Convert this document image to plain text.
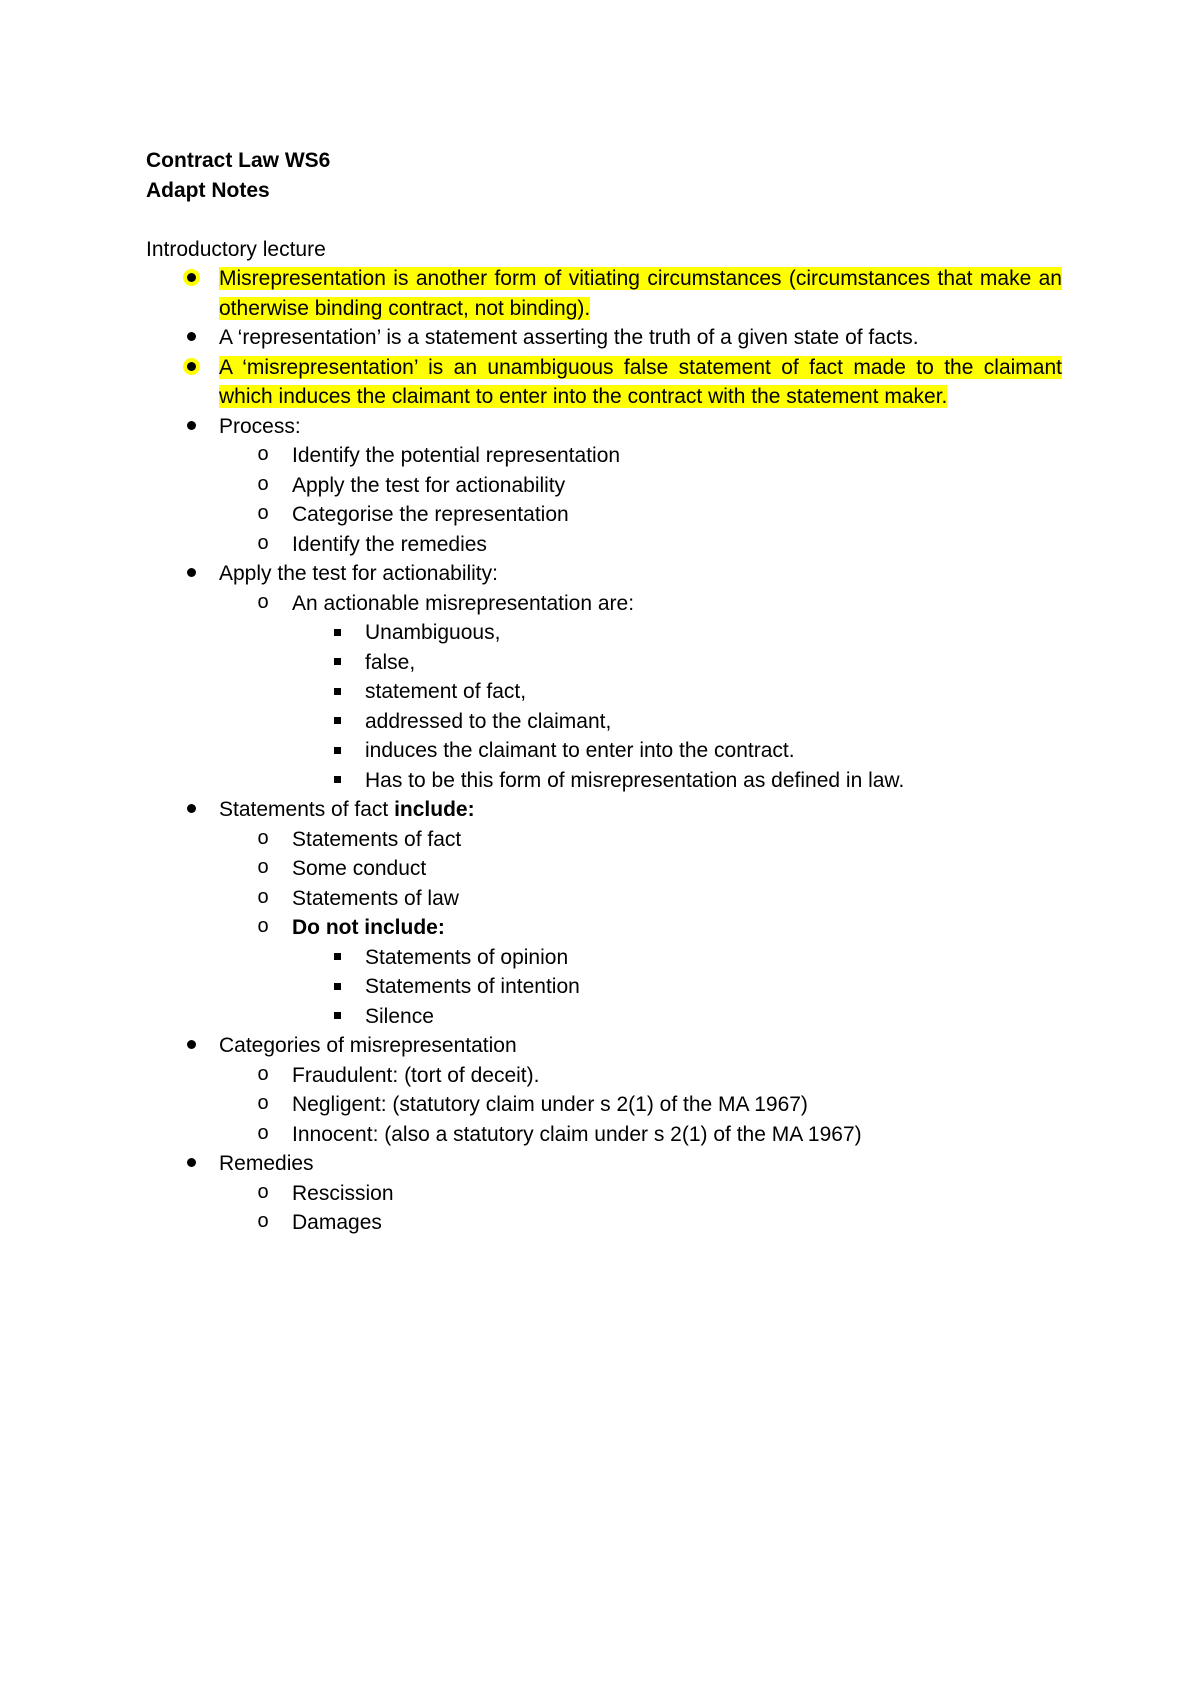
Contract Law WS6

Adapt Notes

Introductory lecture

Misrepresentation is another form of vitiating circumstances (circumstances that make an otherwise binding contract, not binding).
A ‘representation’ is a statement asserting the truth of a given state of facts.
A ‘misrepresentation’ is an unambiguous false statement of fact made to the claimant which induces the claimant to enter into the contract with the statement maker.
Process:
o Identify the potential representation
o Apply the test for actionability
o Categorise the representation
o Identify the remedies
Apply the test for actionability:
o An actionable misrepresentation are:
Unambiguous,
false,
statement of fact,
addressed to the claimant,
induces the claimant to enter into the contract.
Has to be this form of misrepresentation as defined in law.
Statements of fact include:
o Statements of fact
o Some conduct
o Statements of law
o Do not include:
Statements of opinion
Statements of intention
Silence
Categories of misrepresentation
o Fraudulent: (tort of deceit).
o Negligent: (statutory claim under s 2(1) of the MA 1967)
o Innocent: (also a statutory claim under s 2(1) of the MA 1967)
Remedies
o Rescission
o Damages
